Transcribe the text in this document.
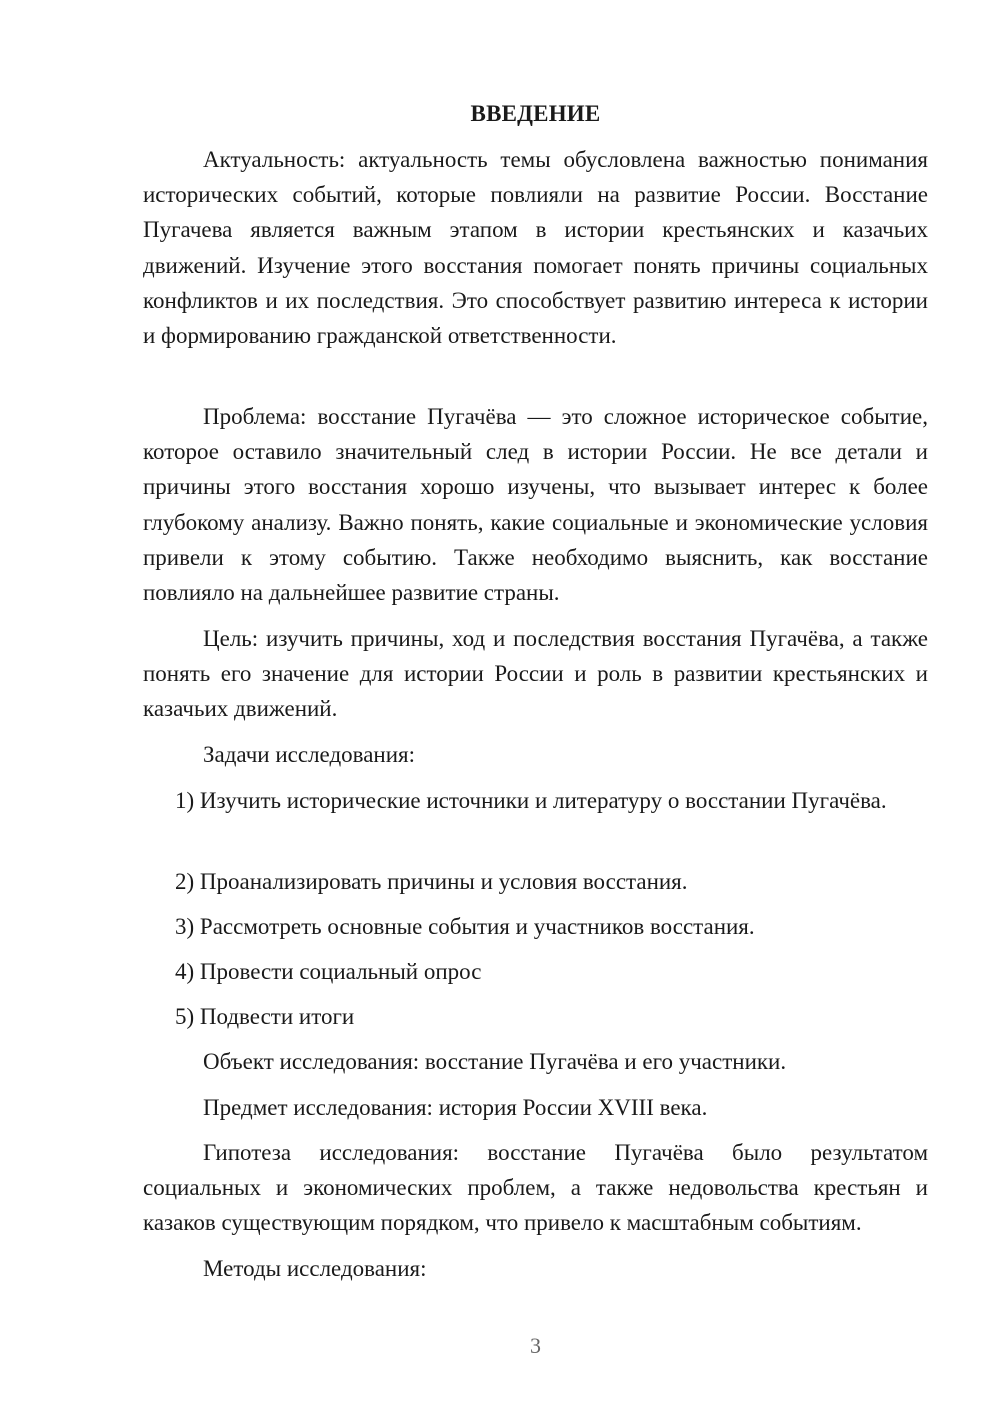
ВВЕДЕНИЕ

Актуальность: актуальность темы обусловлена важностью понимания исторических событий, которые повлияли на развитие России. Восстание Пугачева является важным этапом в истории крестьянских и казачьих движений. Изучение этого восстания помогает понять причины социальных конфликтов и их последствия. Это способствует развитию интереса к истории и формированию гражданской ответственности.

Проблема: восстание Пугачёва — это сложное историческое событие, которое оставило значительный след в истории России. Не все детали и причины этого восстания хорошо изучены, что вызывает интерес к более глубокому анализу. Важно понять, какие социальные и экономические условия привели к этому событию. Также необходимо выяснить, как восстание повлияло на дальнейшее развитие страны.

Цель: изучить причины, ход и последствия восстания Пугачёва, а также понять его значение для истории России и роль в развитии крестьянских и казачьих движений.

Задачи исследования:

1) Изучить исторические источники и литературу о восстании Пугачёва.

2) Проанализировать причины и условия восстания.

3) Рассмотреть основные события и участников восстания.

4) Провести социальный опрос

5) Подвести итоги

Объект исследования: восстание Пугачёва и его участники.

Предмет исследования: история России XVIII века.

Гипотеза исследования: восстание Пугачёва было результатом социальных и экономических проблем, а также недовольства крестьян и казаков существующим порядком, что привело к масштабным событиям.

Методы исследования:

3
